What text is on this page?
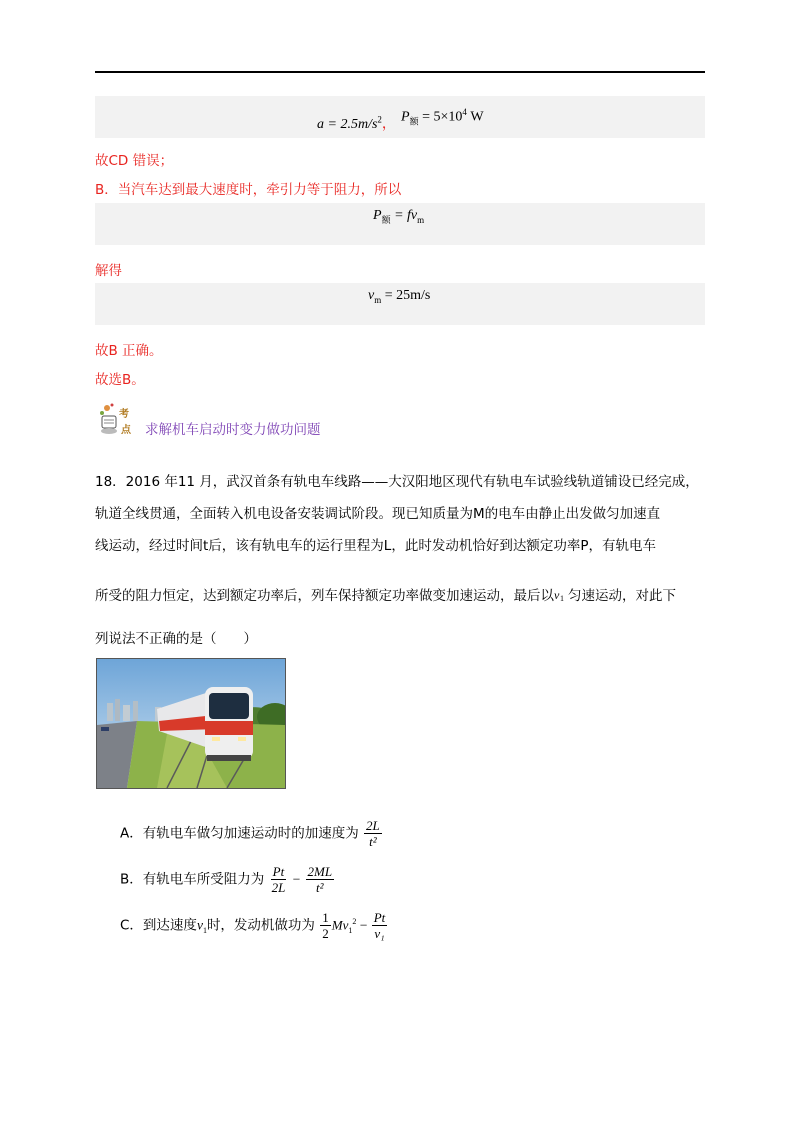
$a = 2.5m/s^2$， $P_额 = 5\times 10^4$ W
故CD 错误；
B．当汽车达到最大速度时，牵引力等于阻力，所以
$P_额 = fv_m$
解得
$v_m = 25m/s$
故B 正确。
故选B。
考
点 求解机车启动时变力做功问题
18．2016 年11 月，武汉首条有轨电车线路——大汉阳地区现代有轨电车试验线轨道铺设已经完成，
轨道全线贯通，全面转入机电设备安装调试阶段。现已知质量为M的电车由静止出发做匀加速直
线运动，经过时间t后，该有轨电车的运行里程为L，此时发动机恰好到达额定功率P，有轨电车
所受的阻力恒定，达到额定功率后，列车保持额定功率做变加速运动，最后以 v 1 匀速运动，对此下
列说法不正确的是（　　）
A．有轨电车做匀加速运动时的加速度为 $\frac{2L}{\text{t²}}$
B．有轨电车所受阻力为 $\frac{Pt}{2L} - \frac{2ML}{\text{t²}}$
C．到达速度$v_1$时，发动机做功为 $\frac{1}{2} Mv_1^2 - \frac{Pt}{\text{v₁}}$
